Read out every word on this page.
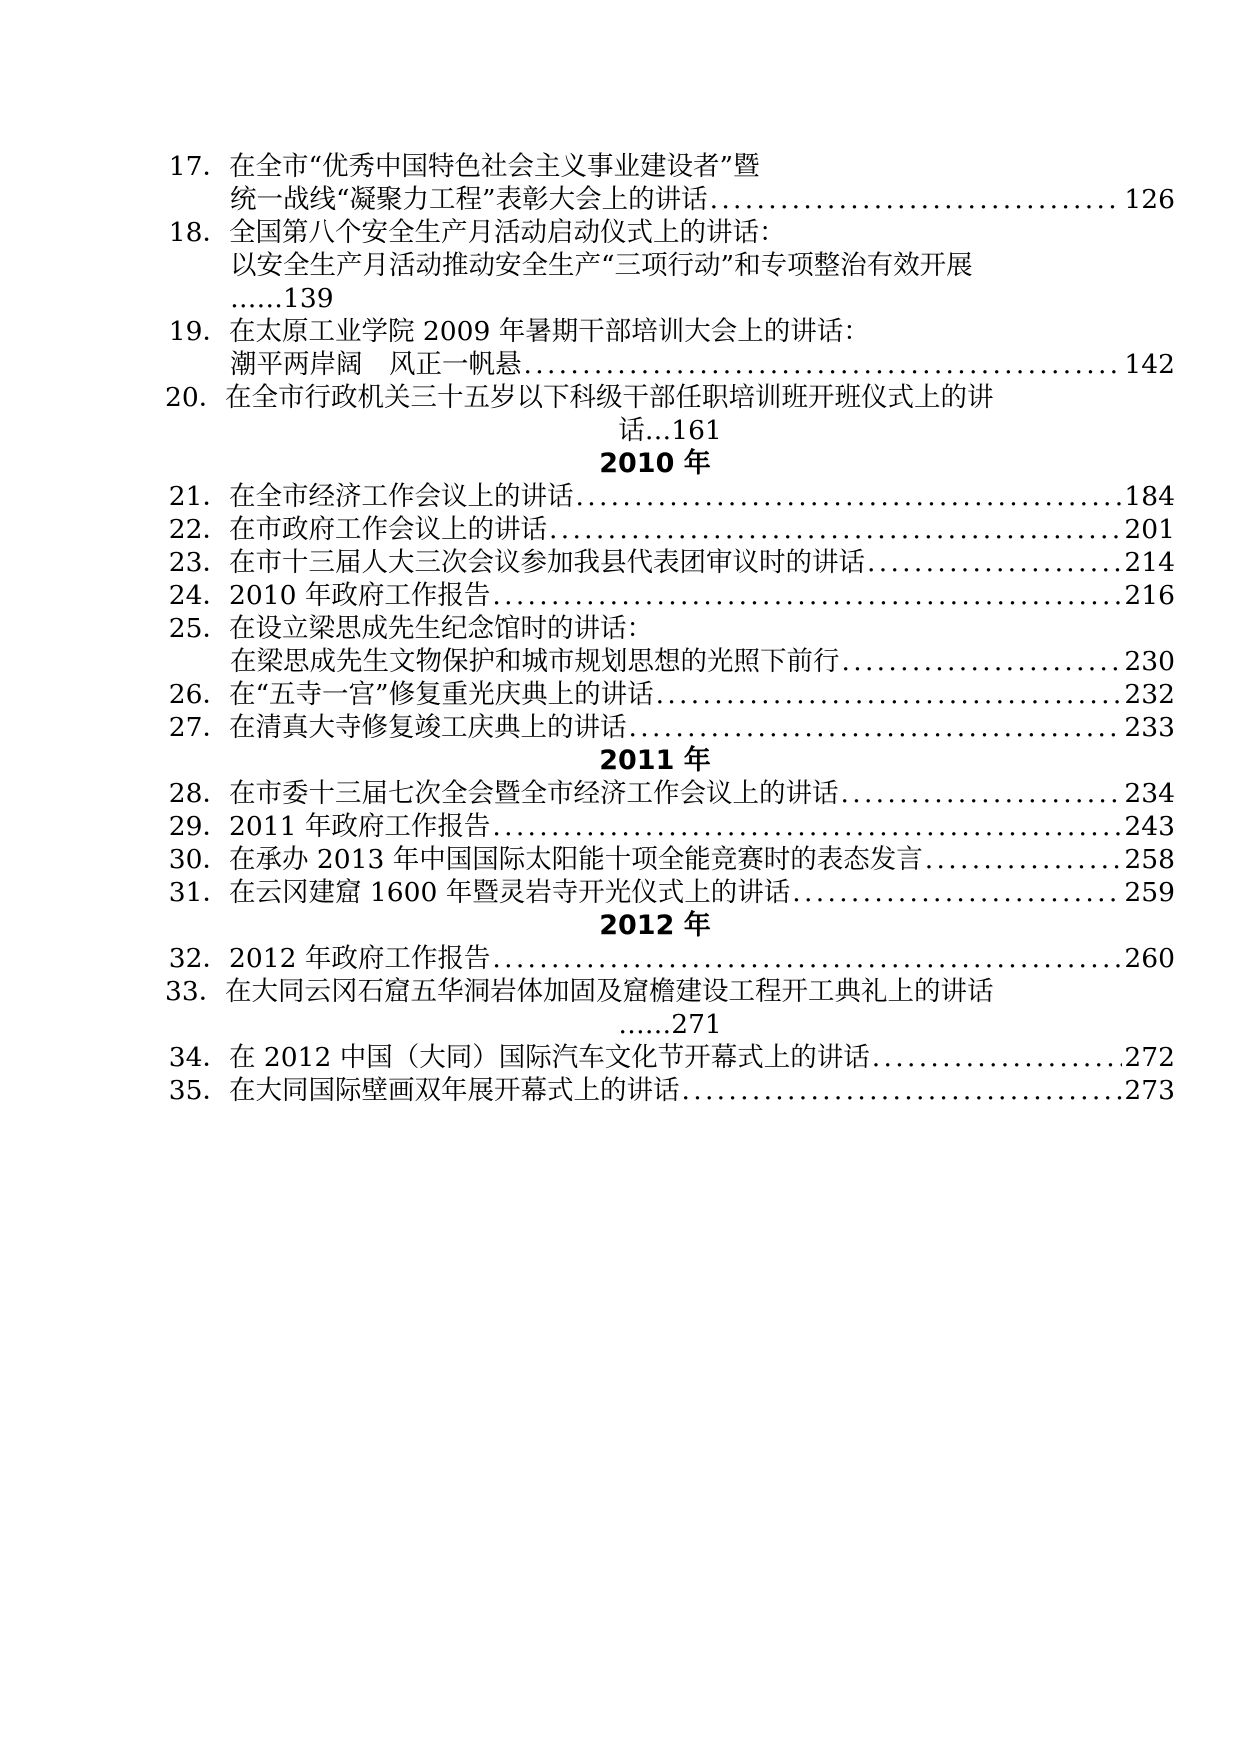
17． 在全市“优秀中国特色社会主义事业建设者”暨
统一战线“凝聚力工程”表彰大会上的讲话 .....	126
18． 全国第八个安全生产月活动启动仪式上的讲话：
以安全生产月活动推动安全生产“三项行动”和专项整治有效开展
……139
19． 在太原工业学院 2009 年暑期干部培训大会上的讲话：
潮平两岸阔　风正一帆悬 .....	142
20． 在全市行政机关三十五岁以下科级干部任职培训班开班仪式上的讲
话…161
2010 年
21． 在全市经济工作会议上的讲话 .....	184
22． 在市政府工作会议上的讲话 .....	201
23． 在市十三届人大三次会议参加我县代表团审议时的讲话 .....	214
24． 2010 年政府工作报告 .....	216
25． 在设立梁思成先生纪念馆时的讲话：
在梁思成先生文物保护和城市规划思想的光照下前行 .....	230
26． 在“五寺一宫”修复重光庆典上的讲话 .....	232
27． 在清真大寺修复竣工庆典上的讲话 .....	233
2011 年
28． 在市委十三届七次全会暨全市经济工作会议上的讲话 .....	234
29． 2011 年政府工作报告 .....	243
30． 在承办 2013 年中国国际太阳能十项全能竞赛时的表态发言 .....	258
31． 在云冈建窟 1600 年暨灵岩寺开光仪式上的讲话 .....	259
2012 年
32． 2012 年政府工作报告 .....	260
33． 在大同云冈石窟五华洞岩体加固及窟檐建设工程开工典礼上的讲话
……271
34． 在 2012 中国（大同）国际汽车文化节开幕式上的讲话 .....	272
35． 在大同国际壁画双年展开幕式上的讲话 .....	273
